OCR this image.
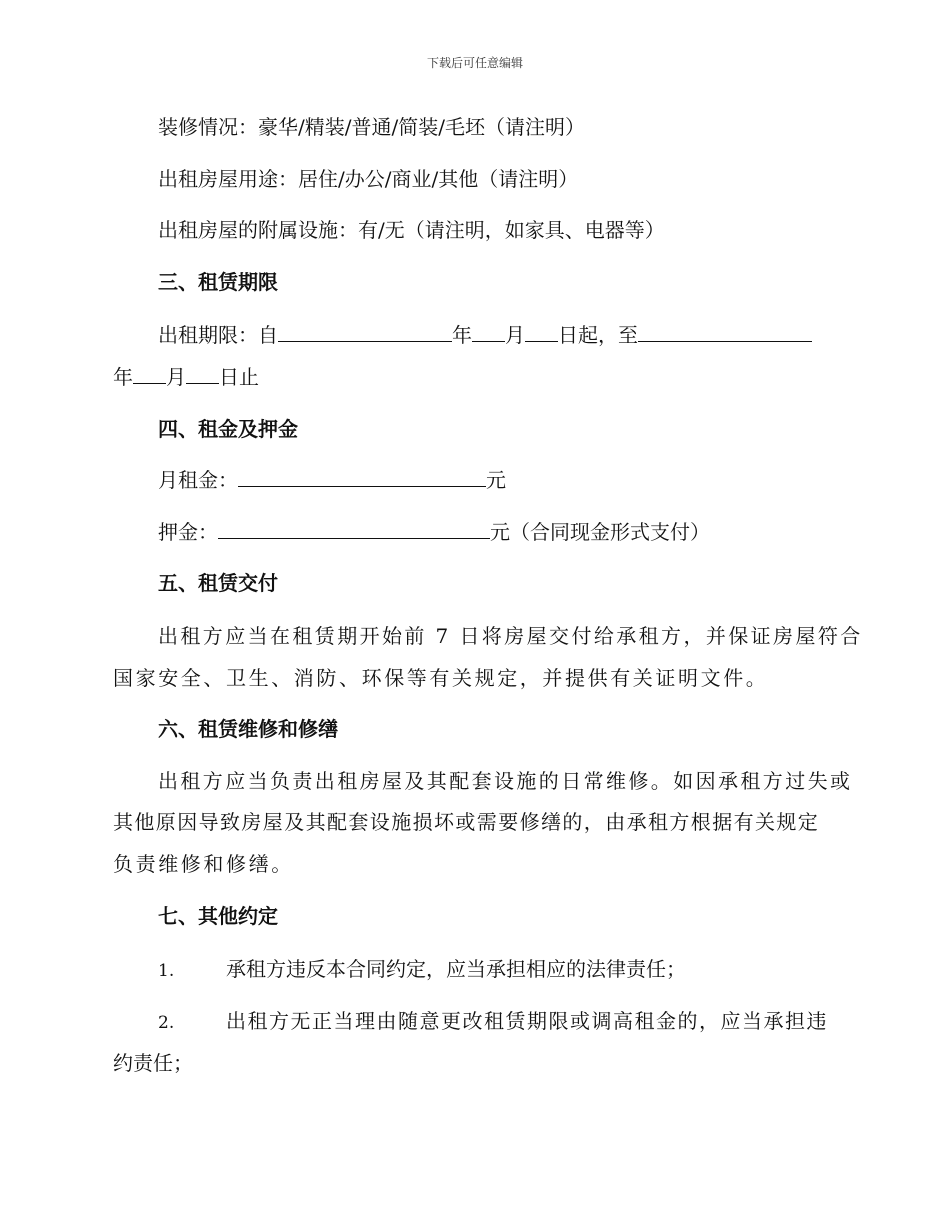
下载后可任意编辑
装修情况：豪华/精装/普通/简装/毛坯（请注明）
出租房屋用途：居住/办公/商业/其他（请注明）
出租房屋的附属设施：有/无（请注明，如家具、电器等）
三、租赁期限
出租期限：自	年 月 日起，至
年 月 日止
四、租金及押金
月租金：	元
押金：	元（合同现金形式支付）
五、租赁交付
出租方应当在租赁期开始前 7 日将房屋交付给承租方，并保证房屋符合
国家安全、卫生、消防、环保等有关规定，并提供有关证明文件。
六、租赁维修和修缮
出租方应当负责出租房屋及其配套设施的日常维修。如因承租方过失或
其他原因导致房屋及其配套设施损坏或需要修缮的，由承租方根据有关规定
负责维修和修缮。
七、其他约定
1.	承租方违反本合同约定，应当承担相应的法律责任；
2.	出租方无正当理由随意更改租赁期限或调高租金的，应当承担违
约责任；
